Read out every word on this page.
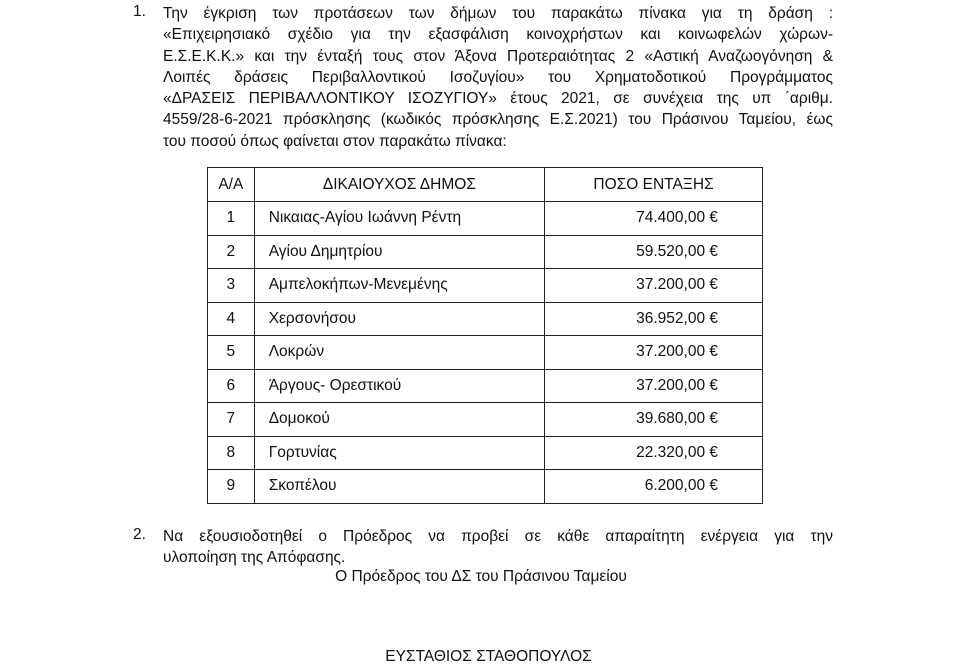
1.	Την έγκριση των προτάσεων των δήμων του παρακάτω πίνακα για τη δράση :
«Επιχειρησιακό σχέδιο για την εξασφάλιση κοινοχρήστων και κοινωφελών χώρων-
Ε.Σ.Ε.Κ.Κ.» και την ένταξή τους στον Άξονα Προτεραιότητας 2 «Αστική Αναζωογόνηση &
Λοιπές δράσεις Περιβαλλοντικού Ισοζυγίου» του Χρηματοδοτικού Προγράμματος
«ΔΡΑΣΕΙΣ ΠΕΡΙΒΑΛΛΟΝΤΙΚΟΥ ΙΣΟΖΥΓΙΟΥ» έτους 2021, σε συνέχεια της υπ ΄αριθμ.
4559/28-6-2021 πρόσκλησης (κωδικός πρόσκλησης Ε.Σ.2021) του Πράσινου Ταμείου, έως
του ποσού όπως φαίνεται στον παρακάτω πίνακα:
Α/Α	ΔΙΚΑΙΟΥΧΟΣ ΔΗΜΟΣ	ΠΟΣΟ ΕΝΤΑΞΗΣ
1	Νικαιας-Αγίου Ιωάννη Ρέντη	74.400,00 €
2	Αγίου Δημητρίου	59.520,00 €
3	Αμπελοκήπων-Μενεμένης	37.200,00 €
4	Χερσονήσου	36.952,00 €
5	Λοκρών	37.200,00 €
6	Άργους- Ορεστικού	37.200,00 €
7	Δομοκού	39.680,00 €
8	Γορτυνίας	22.320,00 €
9	Σκοπέλου	6.200,00 €
2.	Να εξουσιοδοτηθεί ο Πρόεδρος να προβεί σε κάθε απαραίτητη ενέργεια για την
υλοποίηση της Απόφασης.
Ο Πρόεδρος του ΔΣ του Πράσινου Ταμείου
ΕΥΣΤΑΘΙΟΣ ΣΤΑΘΟΠΟΥΛΟΣ
